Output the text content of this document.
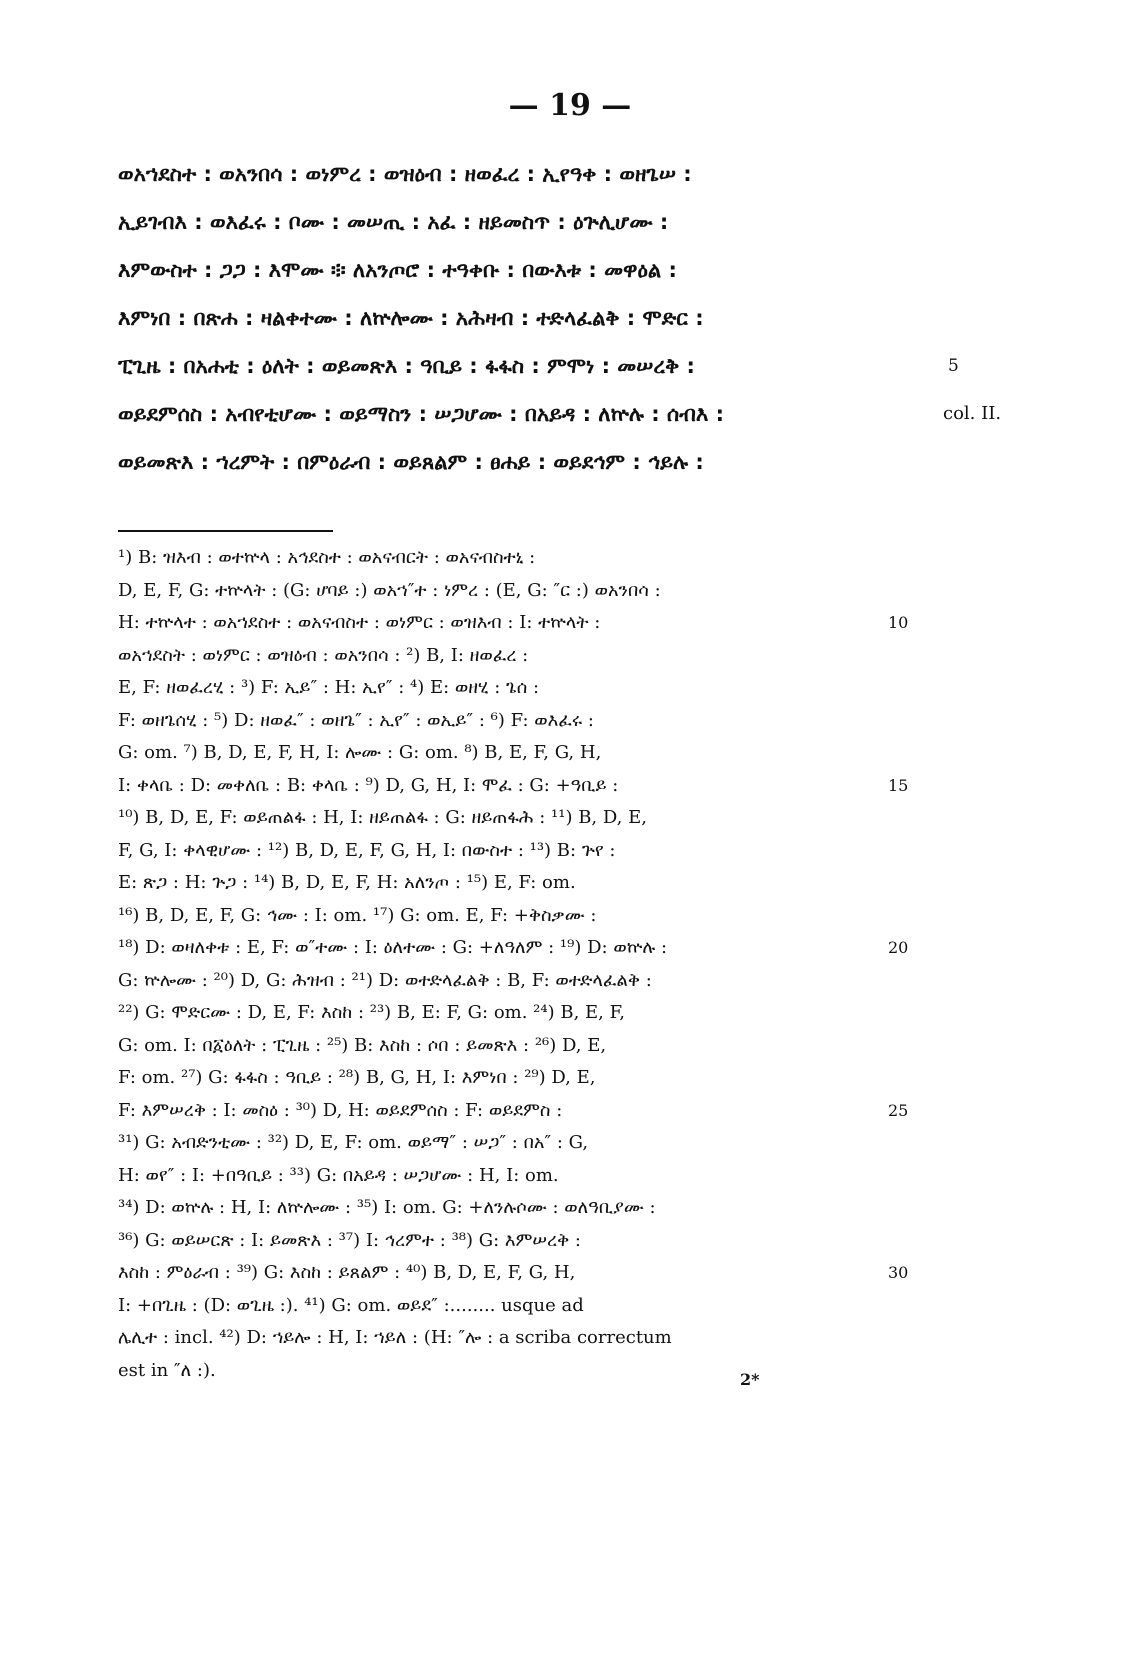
— 19 —
ወአኀደስተ : ወአንበሳ : ወነምረ : ወዝዕብ : ዘወፈረ : ኢየዓቀ : ወዘጌሠ :
ኢይገብእ : ወእፈሩ : ቦሙ : መሠጢ : አፈ : ዘይመስጥ : ዕጕሊሆሙ :
እምውስተ : ጋጋ : እሞሙ ፨ ለአንጦሮ : ተዓቀቡ : በውእቱ : መዋዕል :
እምነበ : በጽሐ : ዛልቀተሙ : ለኵሎሙ : አሕዛብ : ተድላፈልቅ : ሞድር :
ፒጊዜ : በአሐቲ : ዕለት : ወይመጽእ : ዓቢይ : ፋፋስ : ምሞነ : መሠረቅ :	5
ወይደምሰስ : አብየቲሆሙ : ወይማስን : ሠጋሆሙ : በአይዳ : ለኵሉ : ሰብእ :	col. II.
ወይመጽእ : ኀረምት : በምዕራብ : ወይጸልም : ፀሐይ : ወይደኅም : ኅይሉ :
¹) B: ዝእብ : ወተኵላ : አኅደስተ : ወአናብርት : ወአናብስተኒ :
D, E, F, G: ተኵላት : (G: ሆባይ :) ወአኀ″ተ : ነምረ : (E, G: ″ር :) ወአንበሳ :
H: ተኵላተ : ወአኀደስተ : ወአናብስተ : ወነምር : ወዝእብ : I: ተኵላት :	10
ወአኀደስት : ወነምር : ወዝዕብ : ወአንበሳ : ²) B, I: ዘወፈረ :
E, F: ዘወፈረሂ : ³) F: ኢይ″ : H: ኢየ″ : ⁴) E: ወዘሂ : ጌሰ :
F: ወዘጌሰሂ : ⁵) D: ዘወፈ″ : ወዘጌ″ : ኢየ″ : ወኢይ″ : ⁶) F: ወእፈሩ :
G: om. ⁷) B, D, E, F, H, I: ሎሙ : G: om. ⁸) B, E, F, G, H,
I: ቀላቤ : D: መቀለቤ : B: ቀላቤ : ⁹) D, G, H, I: ሞፈ : G: +ዓቢይ :	15
¹⁰) B, D, E, F: ወይጠልፋ : H, I: ዘይጠልፋ : G: ዘይጠፋሕ : ¹¹) B, D, E,
F, G, I: ቀላዊሆሙ : ¹²) B, D, E, F, G, H, I: በውስተ : ¹³) B: ጕየ :
E: ጽጋ : H: ጕጋ : ¹⁴) B, D, E, F, H: አለንጦ : ¹⁵) E, F: om.
¹⁶) B, D, E, F, G: ኅሙ : I: om. ¹⁷) G: om. E, F: +ቅስቃሙ :
¹⁸) D: ወዛለቀቱ : E, F: ወ″ተሙ : I: ዕለተሙ : G: +ለዓለም : ¹⁹) D: ወኵሉ :	20
G: ኵሎሙ : ²⁰) D, G: ሕዝብ : ²¹) D: ወተድላፈልቅ : B, F: ወተድላፈልቅ :
²²) G: ሞድርሙ : D, E, F: እስከ : ²³) B, E: F, G: om. ²⁴) B, E, F,
G: om. I: በ፩ዕለት : ፒጊዜ : ²⁵) B: እስከ : ሶበ : ይመጽእ : ²⁶) D, E,
F: om. ²⁷) G: ፋፋስ : ዓቢይ : ²⁸) B, G, H, I: እምነበ : ²⁹) D, E,
F: እምሠረቅ : I: መስዕ : ³⁰) D, H: ወይደምሰስ : F: ወይደምስ :	25
³¹) G: አብድንቲሙ : ³²) D, E, F: om. ወይማ″ : ሠጋ″ : በአ″ : G,
H: ወየ″ : I: +በዓቢይ : ³³) G: በአይዳ : ሠጋሆሙ : H, I: om.
³⁴) D: ወኵሉ : H, I: ለኵሎሙ : ³⁵) I: om. G: +ለንሉሶሙ : ወለዓቢያሙ :
³⁶) G: ወይሠርጽ : I: ይመጽእ : ³⁷) I: ኅረምተ : ³⁸) G: እምሠረቅ :
እስከ : ምዕራብ : ³⁹) G: እስከ : ይጸልም : ⁴⁰) B, D, E, F, G, H,	30
I: +በጊዜ : (D: ወጊዜ :). ⁴¹) G: om. ወይደ″ :........ usque ad
ሌሊተ : incl. ⁴²) D: ኀይሎ : H, I: ኀይለ : (H: ″ሎ : a scriba correctum
est in ″ለ :).	2*
